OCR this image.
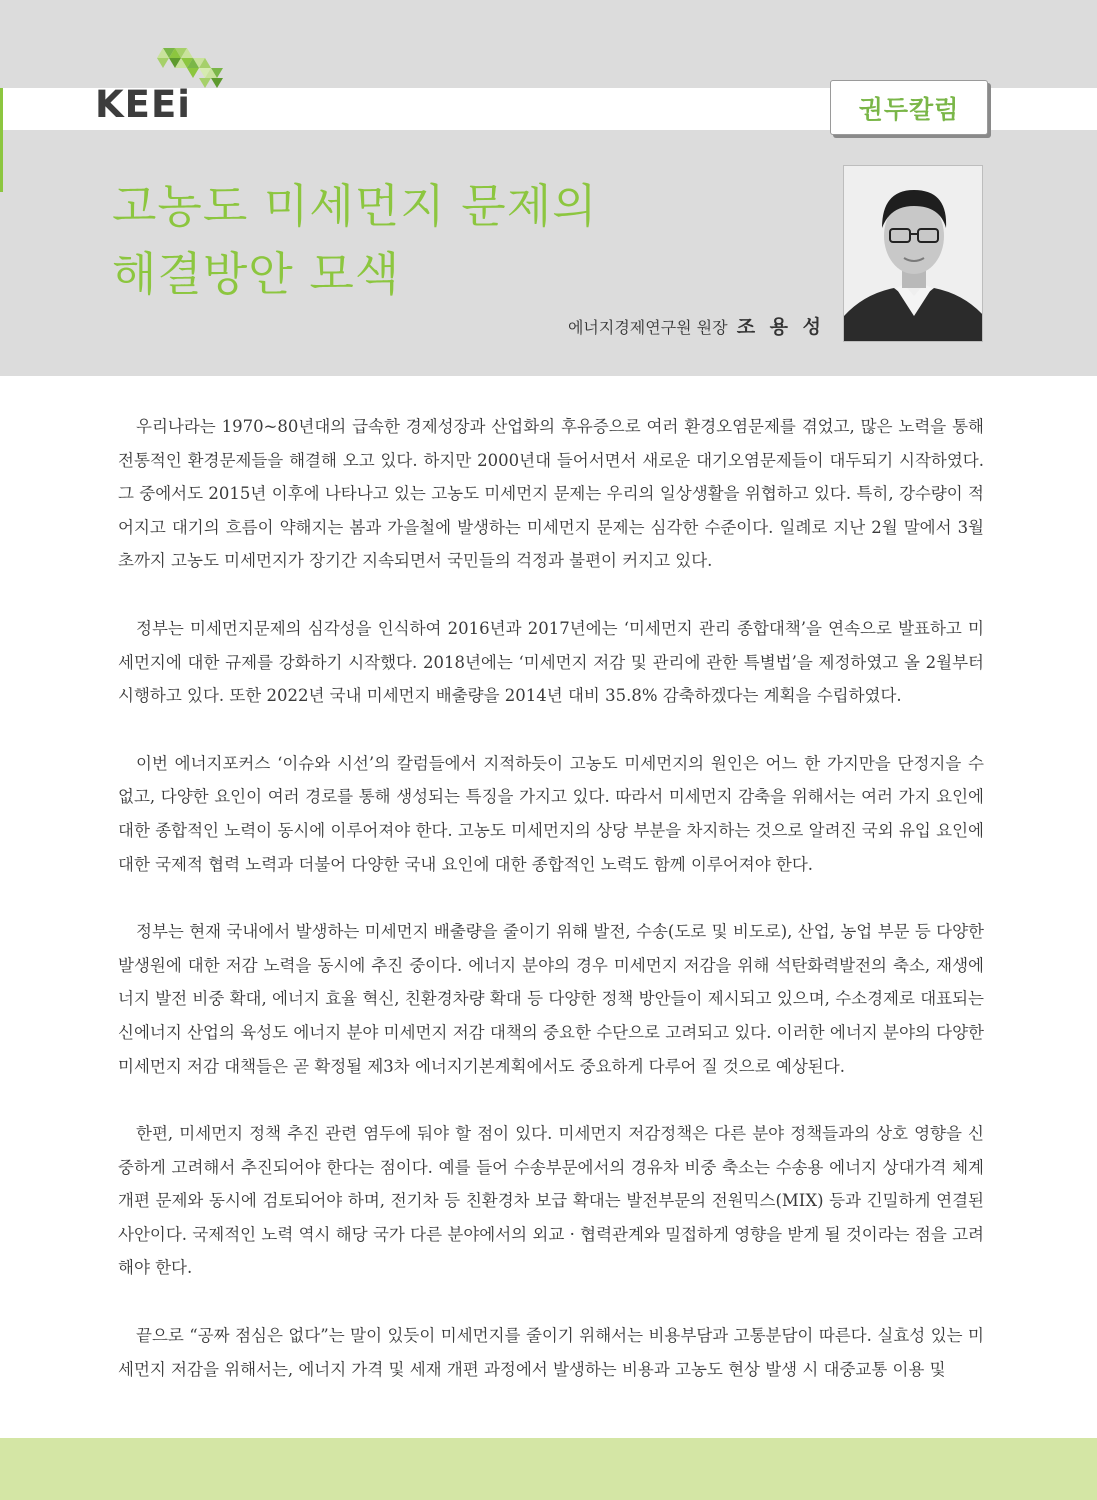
KEEi	권두칼럼
고농도 미세먼지 문제의
해결방안 모색
에너지경제연구원 원장 조 용 성

우리나라는 1970~80년대의 급속한 경제성장과 산업화의 후유증으로 여러 환경오염문제를 겪었고, 많은 노력을 통해 전통적인 환경문제들을 해결해 오고 있다. 하지만 2000년대 들어서면서 새로운 대기오염문제들이 대두되기 시작하였다. 그 중에서도 2015년 이후에 나타나고 있는 고농도 미세먼지 문제는 우리의 일상생활을 위협하고 있다. 특히, 강수량이 적어지고 대기의 흐름이 약해지는 봄과 가을철에 발생하는 미세먼지 문제는 심각한 수준이다. 일례로 지난 2월 말에서 3월 초까지 고농도 미세먼지가 장기간 지속되면서 국민들의 걱정과 불편이 커지고 있다.

정부는 미세먼지문제의 심각성을 인식하여 2016년과 2017년에는 ‘미세먼지 관리 종합대책’을 연속으로 발표하고 미세먼지에 대한 규제를 강화하기 시작했다. 2018년에는 ‘미세먼지 저감 및 관리에 관한 특별법’을 제정하였고 올 2월부터 시행하고 있다. 또한 2022년 국내 미세먼지 배출량을 2014년 대비 35.8% 감축하겠다는 계획을 수립하였다.

이번 에너지포커스 ‘이슈와 시선’의 칼럼들에서 지적하듯이 고농도 미세먼지의 원인은 어느 한 가지만을 단정지을 수 없고, 다양한 요인이 여러 경로를 통해 생성되는 특징을 가지고 있다. 따라서 미세먼지 감축을 위해서는 여러 가지 요인에 대한 종합적인 노력이 동시에 이루어져야 한다. 고농도 미세먼지의 상당 부분을 차지하는 것으로 알려진 국외 유입 요인에 대한 국제적 협력 노력과 더불어 다양한 국내 요인에 대한 종합적인 노력도 함께 이루어져야 한다.

정부는 현재 국내에서 발생하는 미세먼지 배출량을 줄이기 위해 발전, 수송(도로 및 비도로), 산업, 농업 부문 등 다양한 발생원에 대한 저감 노력을 동시에 추진 중이다. 에너지 분야의 경우 미세먼지 저감을 위해 석탄화력발전의 축소, 재생에너지 발전 비중 확대, 에너지 효율 혁신, 친환경차량 확대 등 다양한 정책 방안들이 제시되고 있으며, 수소경제로 대표되는 신에너지 산업의 육성도 에너지 분야 미세먼지 저감 대책의 중요한 수단으로 고려되고 있다. 이러한 에너지 분야의 다양한 미세먼지 저감 대책들은 곧 확정될 제3차 에너지기본계획에서도 중요하게 다루어 질 것으로 예상된다.

한편, 미세먼지 정책 추진 관련 염두에 둬야 할 점이 있다. 미세먼지 저감정책은 다른 분야 정책들과의 상호 영향을 신중하게 고려해서 추진되어야 한다는 점이다. 예를 들어 수송부문에서의 경유차 비중 축소는 수송용 에너지 상대가격 체계 개편 문제와 동시에 검토되어야 하며, 전기차 등 친환경차 보급 확대는 발전부문의 전원믹스(MIX) 등과 긴밀하게 연결된 사안이다. 국제적인 노력 역시 해당 국가 다른 분야에서의 외교 · 협력관계와 밀접하게 영향을 받게 될 것이라는 점을 고려해야 한다.

끝으로 “공짜 점심은 없다”는 말이 있듯이 미세먼지를 줄이기 위해서는 비용부담과 고통분담이 따른다. 실효성 있는 미세먼지 저감을 위해서는, 에너지 가격 및 세재 개편 과정에서 발생하는 비용과 고농도 현상 발생 시 대중교통 이용 및
